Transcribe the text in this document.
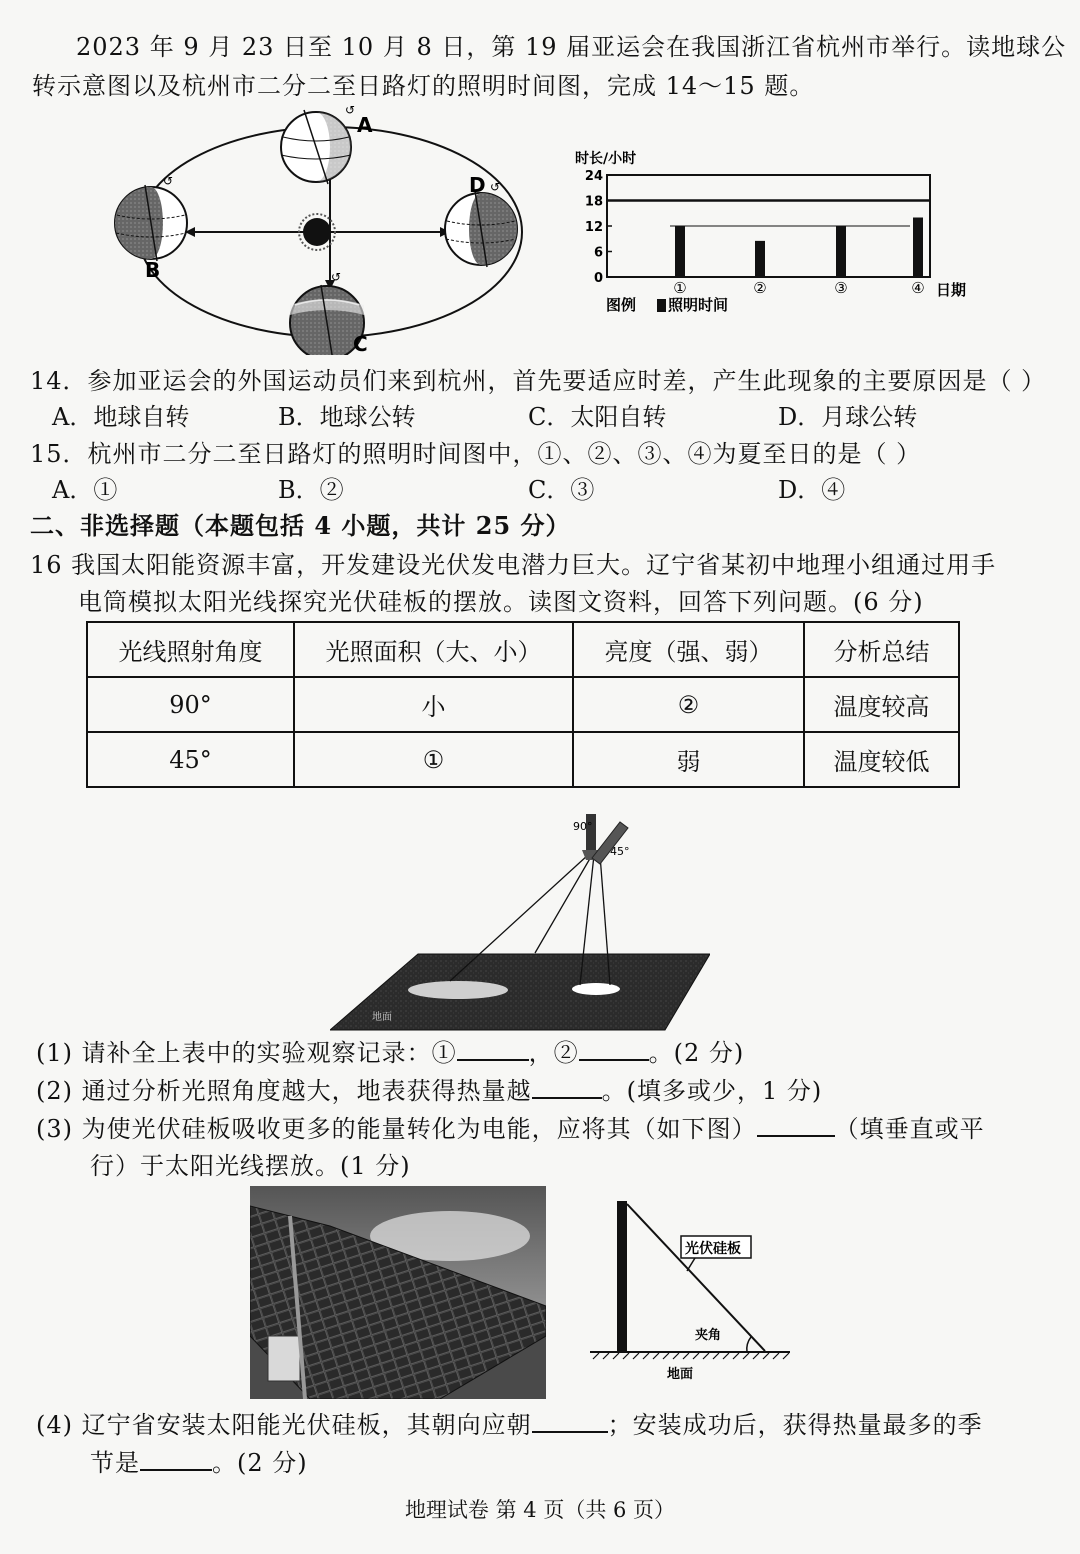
2023 年 9 月 23 日至 10 月 8 日，第 19 届亚运会在我国浙江省杭州市举行。读地球公
转示意图以及杭州市二分二至日路灯的照明时间图，完成 14～15 题。
↺
A
↺
B
↺
D
↺
C
时长/小时
0
6
12
18
24
①	②	③	④ 日期
图例 照明时间
14．参加亚运会的外国运动员们来到杭州，首先要适应时差，产生此现象的主要原因是（ ）
A．地球自转	B．地球公转	C．太阳自转	D．月球公转
15．杭州市二分二至日路灯的照明时间图中，①、②、③、④为夏至日的是（ ）
A．①	B．②	C．③	D．④
二、非选择题（本题包括 4 小题，共计 25 分）
16 我国太阳能资源丰富，开发建设光伏发电潜力巨大。辽宁省某初中地理小组通过用手
电筒模拟太阳光线探究光伏硅板的摆放。读图文资料，回答下列问题。(6 分)
光线照射角度	光照面积（大、小）	亮度（强、弱）	分析总结
90°	小	②	温度较高
45°	①	弱	温度较低
90°
45°
地面
(1) 请补全上表中的实验观察记录：①	，②	。(2 分)
(2) 通过分析光照角度越大，地表获得热量越	。(填多或少，1 分)
(3) 为使光伏硅板吸收更多的能量转化为电能，应将其（如下图）	（填垂直或平
行）于太阳光线摆放。(1 分)
光伏硅板
夹角
地面
(4) 辽宁省安装太阳能光伏硅板，其朝向应朝	；安装成功后，获得热量最多的季
节是	。(2 分)
地理试卷 第 4 页（共 6 页）
